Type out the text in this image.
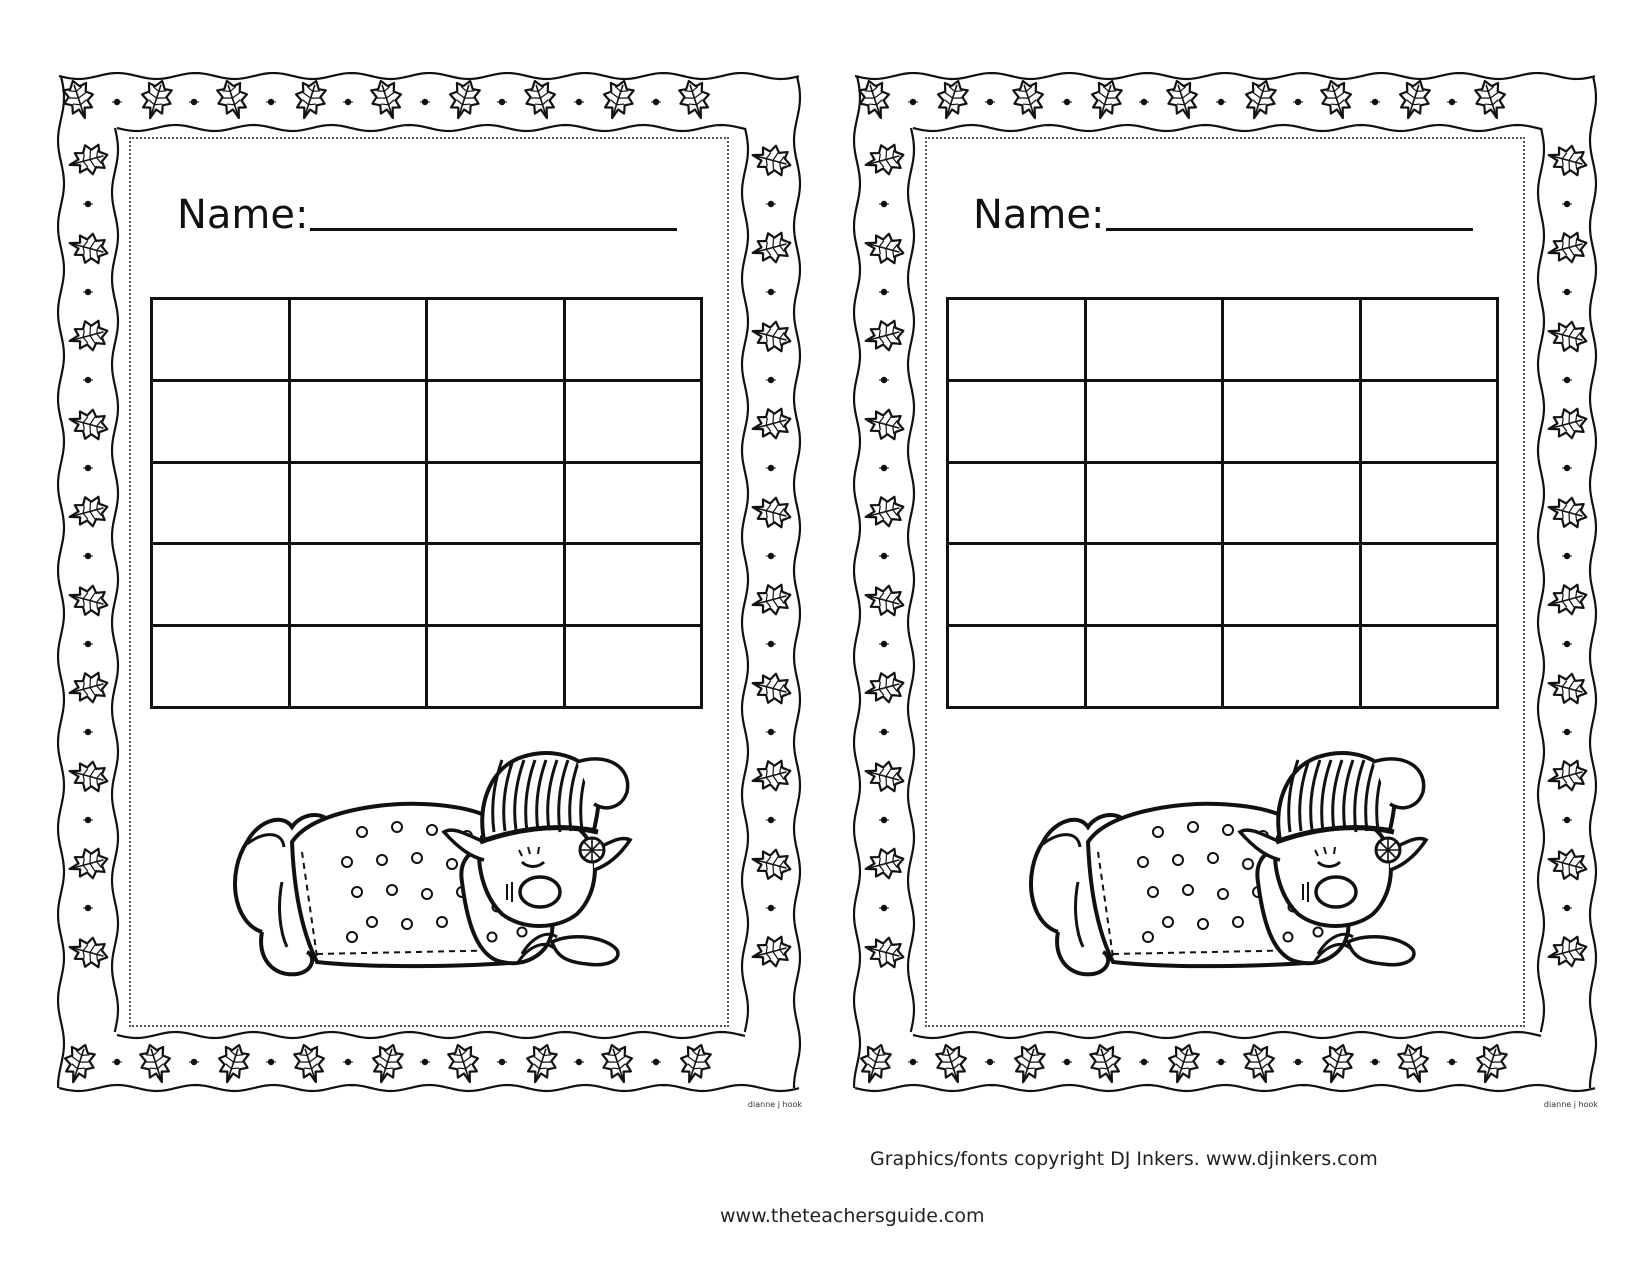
Name:

dianne j hook
Name:

dianne j hook
Graphics/fonts copyright DJ Inkers. www.djinkers.com
www.theteachersguide.com
